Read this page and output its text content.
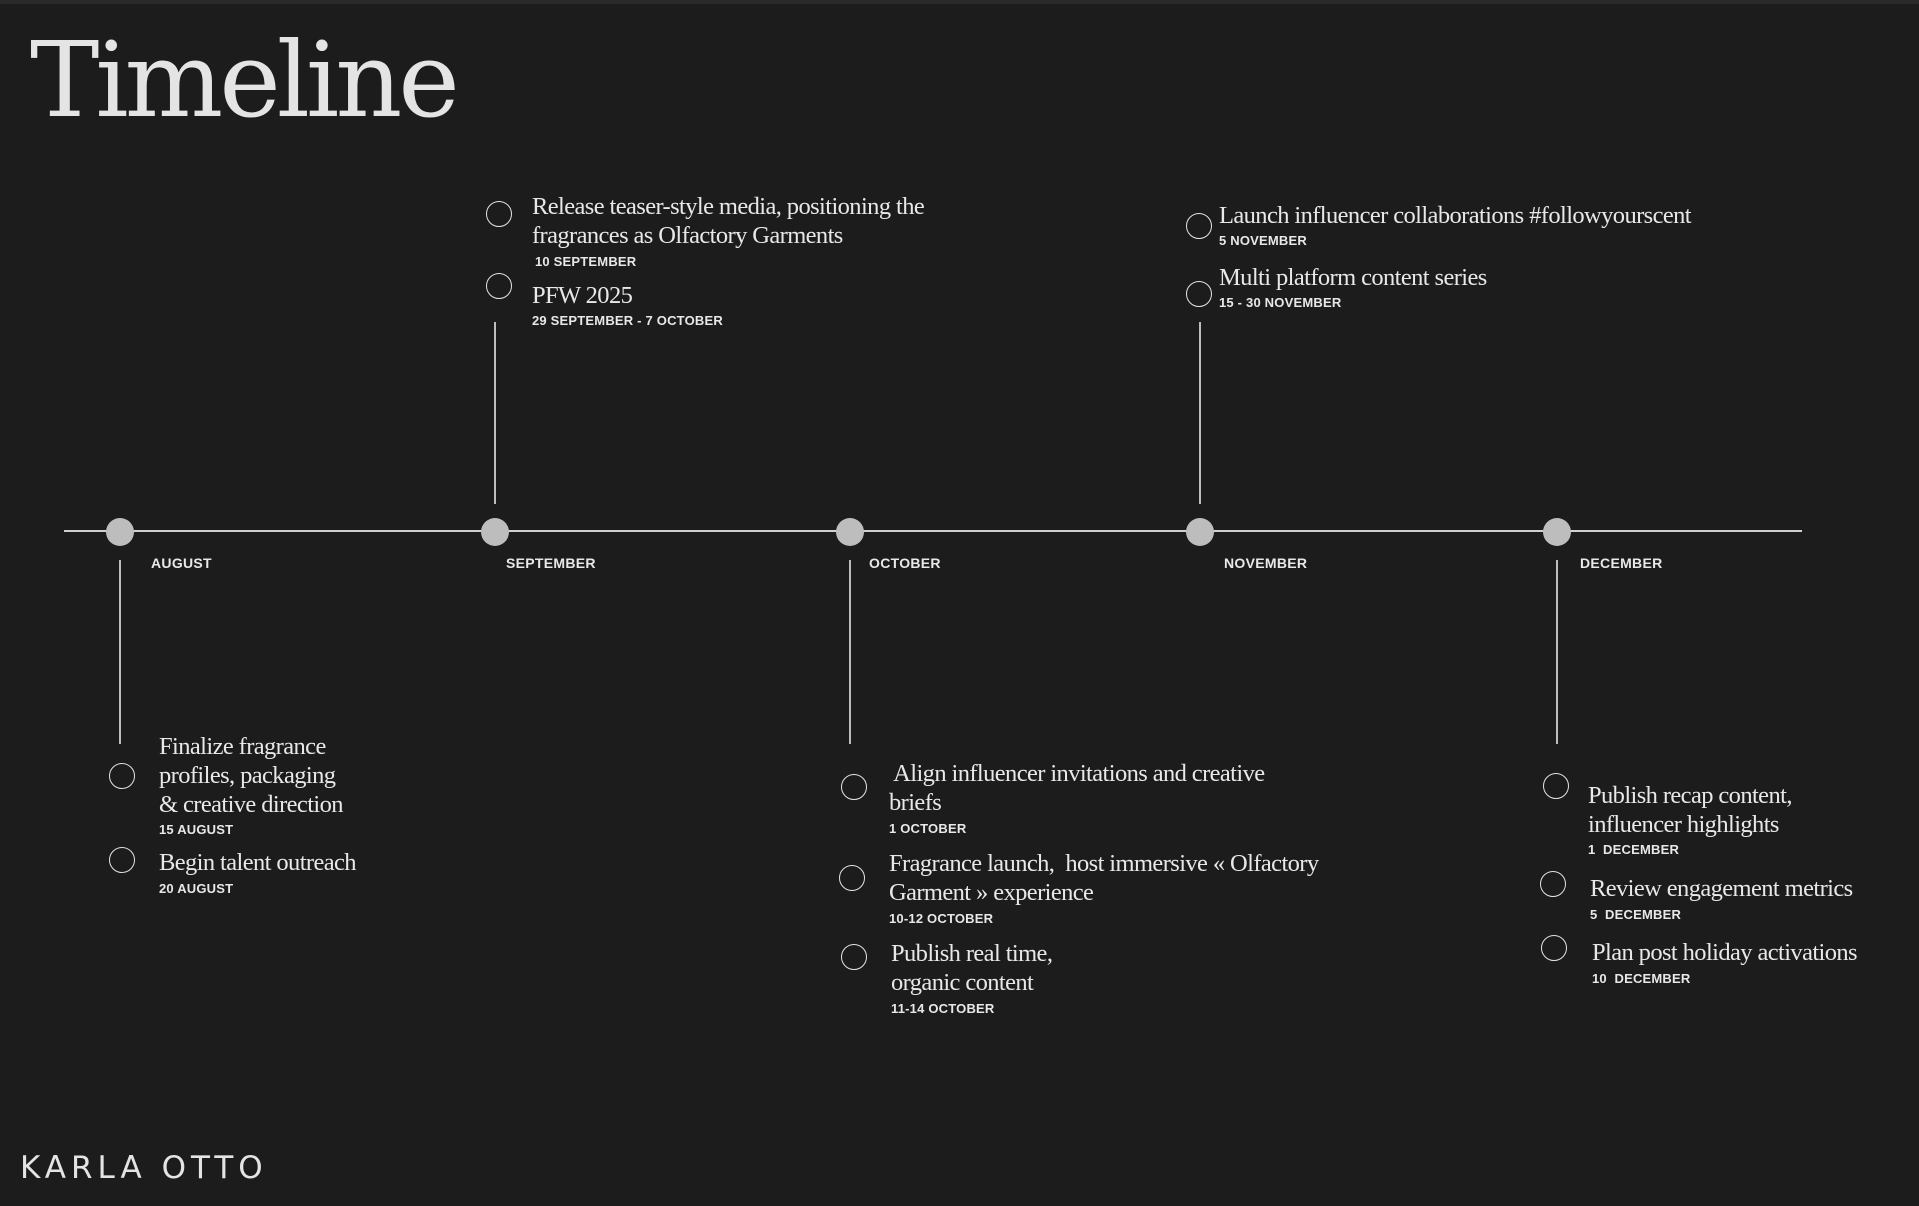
Timeline
AUGUST	SEPTEMBER	OCTOBER	NOVEMBER	DECEMBER
Finalize fragrance
profiles, packaging
& creative direction
15 AUGUST
Begin talent outreach
20 AUGUST
Release teaser-style media, positioning the
fragrances as Olfactory Garments
10 SEPTEMBER
PFW 2025
29 SEPTEMBER - 7 OCTOBER
Align influencer invitations and creative
briefs
1 OCTOBER
Fragrance launch,  host immersive « Olfactory
Garment » experience
10-12 OCTOBER
Publish real time,
organic content
11-14 OCTOBER
Launch influencer collaborations #followyourscent
5 NOVEMBER
Multi platform content series
15 - 30 NOVEMBER
Publish recap content,
influencer highlights
1  DECEMBER
Review engagement metrics
5  DECEMBER
Plan post holiday activations
10  DECEMBER
KARLA OTTO
